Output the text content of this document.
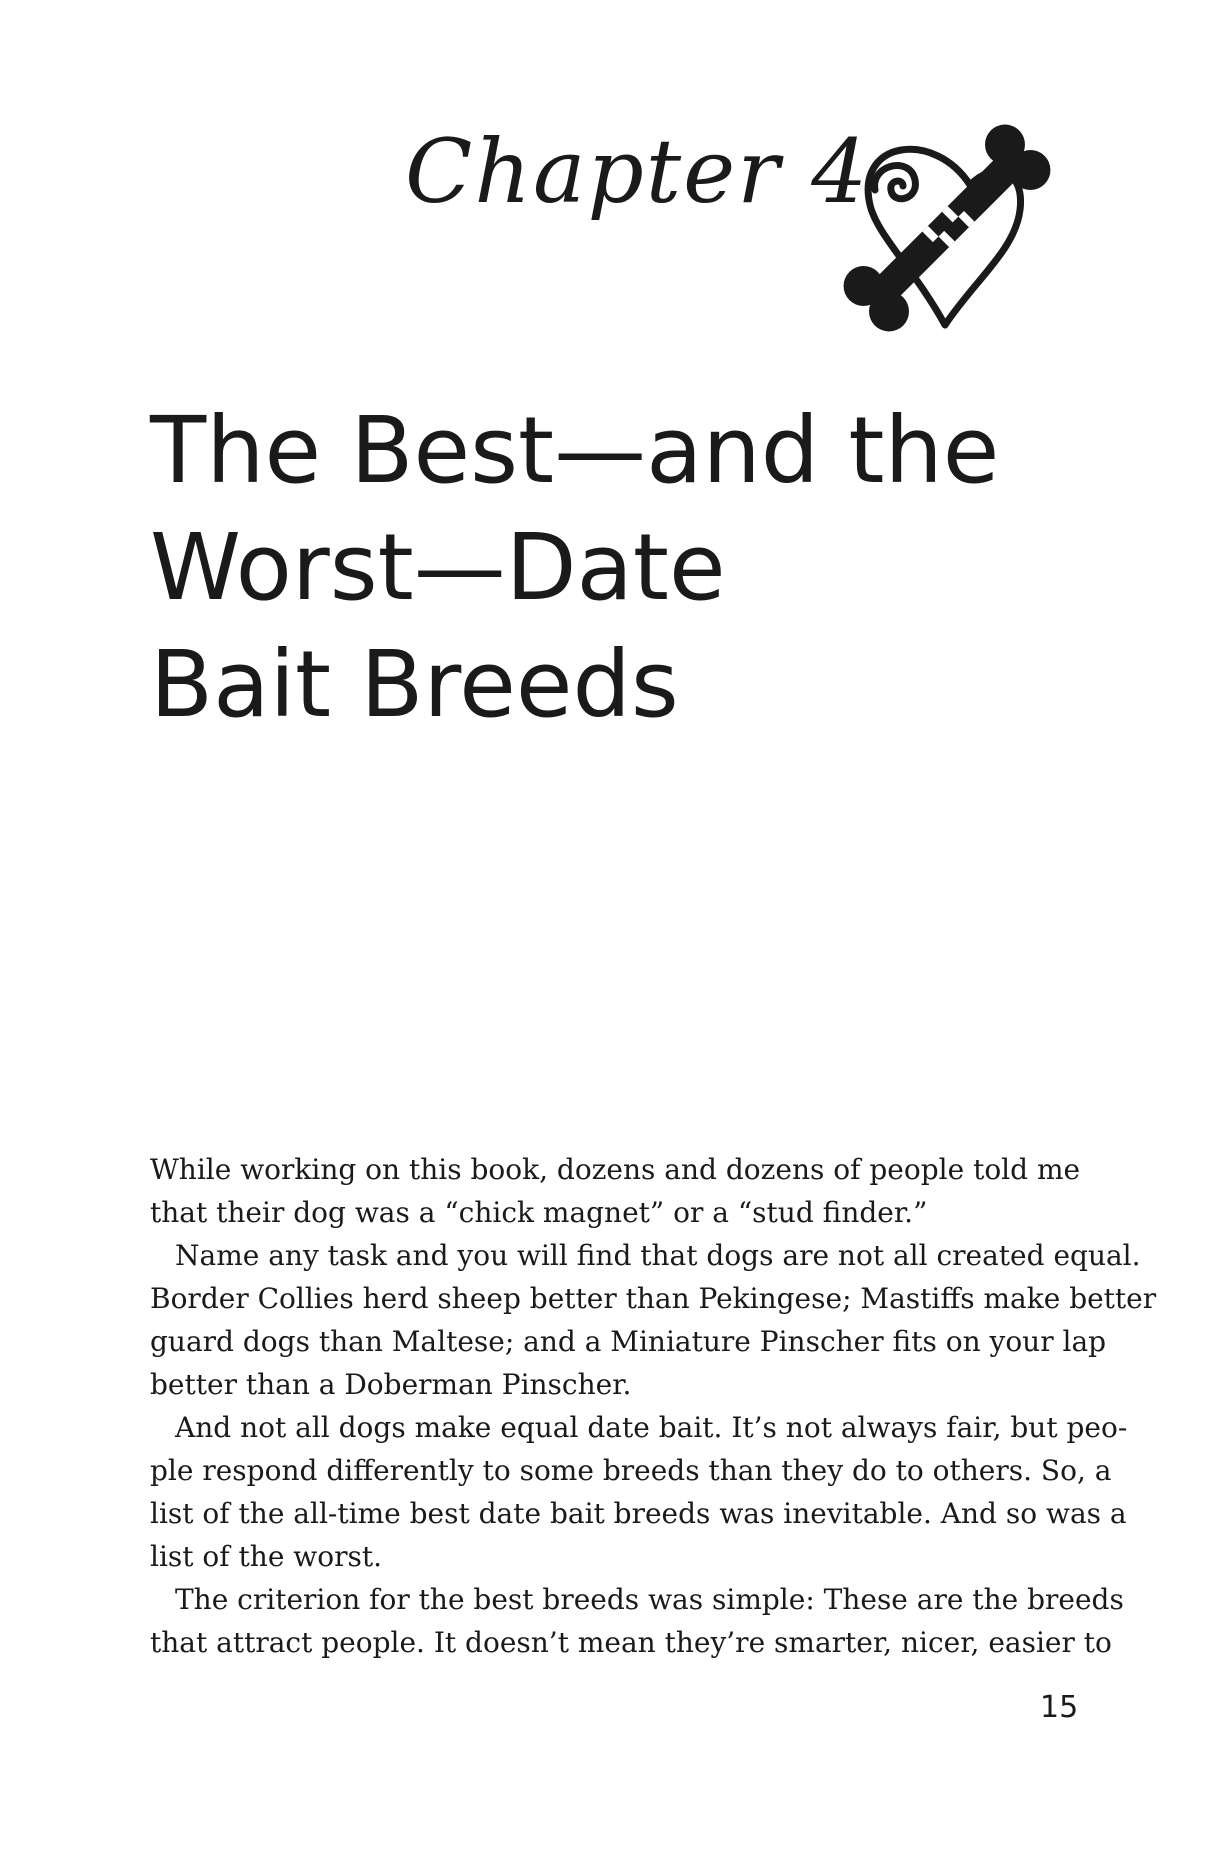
Chapter 4
The Best—and the
Worst—Date
Bait Breeds

While working on this book, dozens and dozens of people told me
that their dog was a “chick magnet” or a “stud finder.”

Name any task and you will find that dogs are not all created equal.
Border Collies herd sheep better than Pekingese; Mastiffs make better
guard dogs than Maltese; and a Miniature Pinscher fits on your lap
better than a Doberman Pinscher.

And not all dogs make equal date bait. It’s not always fair, but peo-
ple respond differently to some breeds than they do to others. So, a
list of the all-time best date bait breeds was inevitable. And so was a
list of the worst.

The criterion for the best breeds was simple: These are the breeds
that attract people. It doesn’t mean they’re smarter, nicer, easier to

15
